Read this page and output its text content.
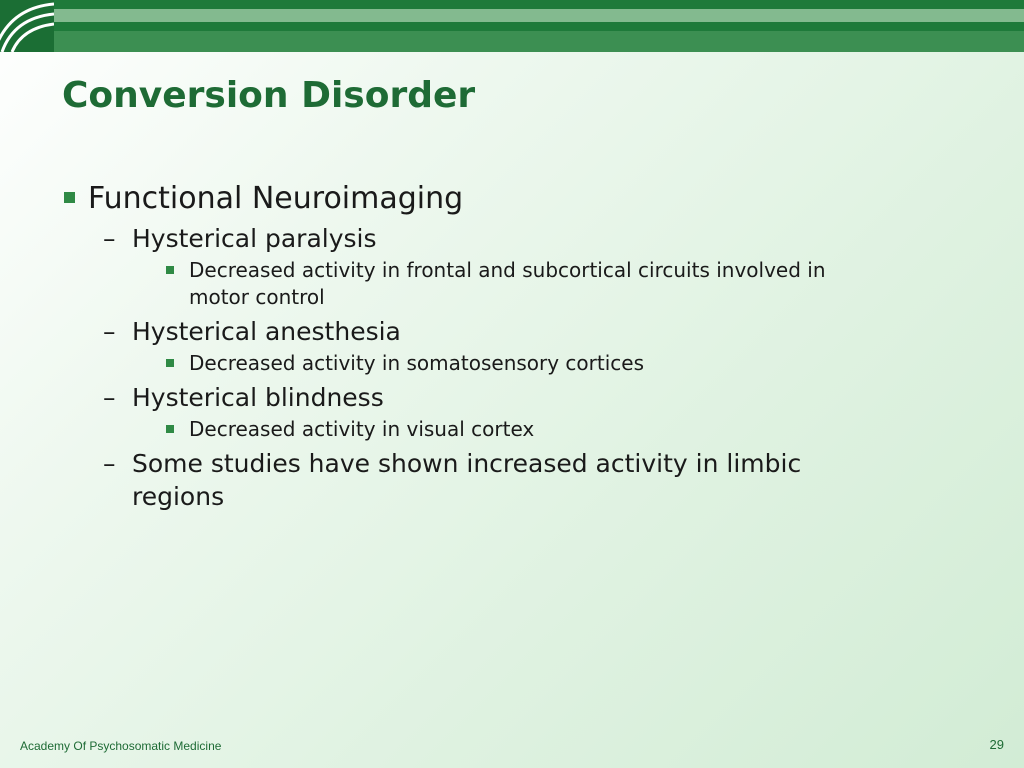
Conversion Disorder
Functional Neuroimaging
– Hysterical paralysis
Decreased activity in frontal and subcortical circuits involved in motor control
– Hysterical anesthesia
Decreased activity in somatosensory cortices
– Hysterical blindness
Decreased activity in visual cortex
– Some studies have shown increased activity in limbic regions
Academy Of Psychosomatic Medicine	29
